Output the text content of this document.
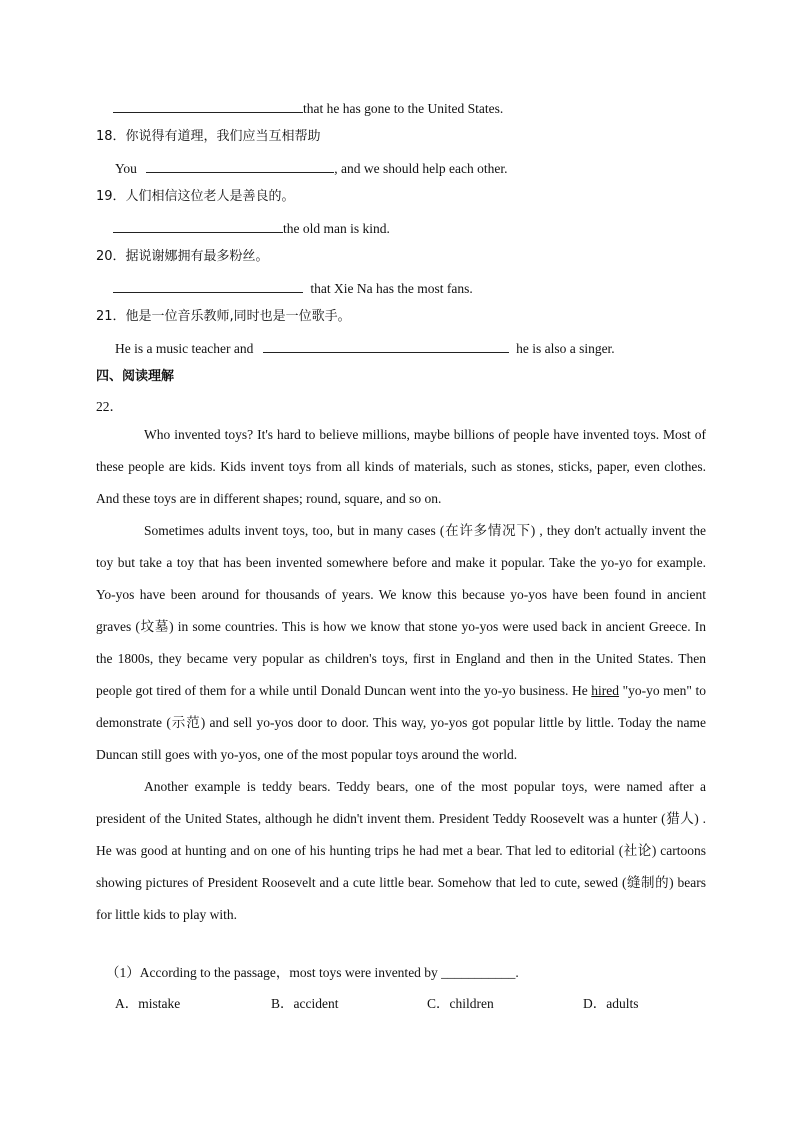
that he has gone to the United States.
18．你说得有道理，我们应当互相帮助
You	, and we should help each other.
19．人们相信这位老人是善良的。
the old man is kind.
20．据说谢娜拥有最多粉丝。
that Xie Na has the most fans.
21．他是一位音乐教师,同时也是一位歌手。
He is a music teacher and	he is also a singer.
四、阅读理解
22．

Who invented toys? It's hard to believe millions, maybe billions of people have invented toys. Most of these people are kids. Kids invent toys from all kinds of materials, such as stones, sticks, paper, even clothes. And these toys are in different shapes; round, square, and so on.

Sometimes adults invent toys, too, but in many cases (在许多情况下) , they don't actually invent the toy but take a toy that has been invented somewhere before and make it popular. Take the yo-yo for example. Yo-yos have been around for thousands of years. We know this because yo-yos have been found in ancient graves (坟墓) in some countries. This is how we know that stone yo-yos were used back in ancient Greece. In the 1800s, they became very popular as children's toys, first in England and then in the United States. Then people got tired of them for a while until Donald Duncan went into the yo-yo business. He hired "yo-yo men" to demonstrate (示范) and sell yo-yos door to door. This way, yo-yos got popular little by little. Today the name Duncan still goes with yo-yos, one of the most popular toys around the world.

Another example is teddy bears. Teddy bears, one of the most popular toys, were named after a president of the United States, although he didn't invent them. President Teddy Roosevelt was a hunter (猎人) . He was good at hunting and on one of his hunting trips he had met a bear. That led to editorial (社论) cartoons showing pictures of President Roosevelt and a cute little bear. Somehow that led to cute, sewed (缝制的) bears for little kids to play with.

（1）According to the passage，most toys were invented by ___________.
A．mistake	B．accident	C．children	D．adults
